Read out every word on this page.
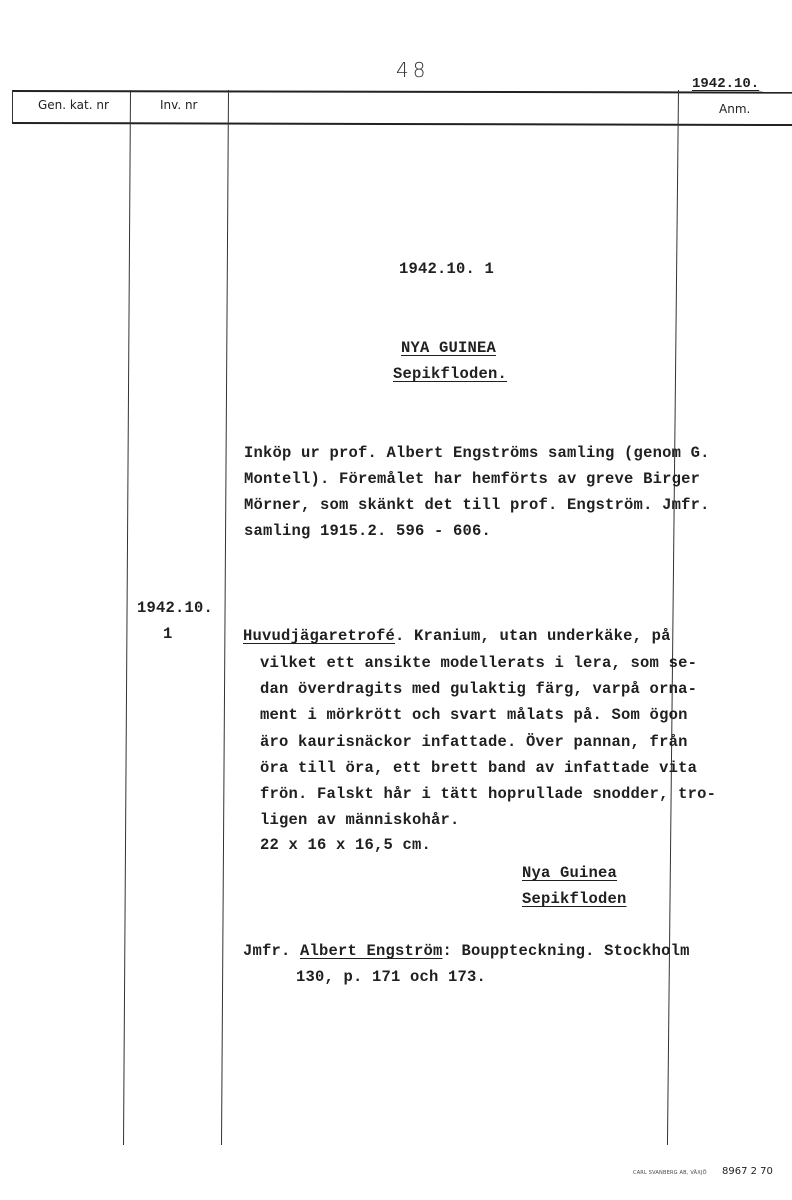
48
1942.10.
Gen. kat. nr	Inv. nr	Anm.
1942.10. 1
NYA GUINEA
Sepikfloden.
Inköp ur prof. Albert Engströms samling (genom G.
Montell). Föremålet har hemförts av greve Birger
Mörner, som skänkt det till prof. Engström. Jmfr.
samling 1915.2. 596 - 606.
1942.10.
1	Huvudjägaretrofé. Kranium, utan underkäke, på
vilket ett ansikte modellerats i lera, som se-
dan överdragits med gulaktig färg, varpå orna-
ment i mörkrött och svart målats på. Som ögon
äro kaurisnäckor infattade. Över pannan, från
öra till öra, ett brett band av infattade vita
frön. Falskt hår i tätt hoprullade snodder, tro-
ligen av människohår.
22 x 16 x 16,5 cm.
Nya Guinea
Sepikfloden
Jmfr. Albert Engström: Bouppteckning. Stockholm
130, p. 171 och 173.
CARL SVANBERG AB, VÄXJÖ 8967 2 70
